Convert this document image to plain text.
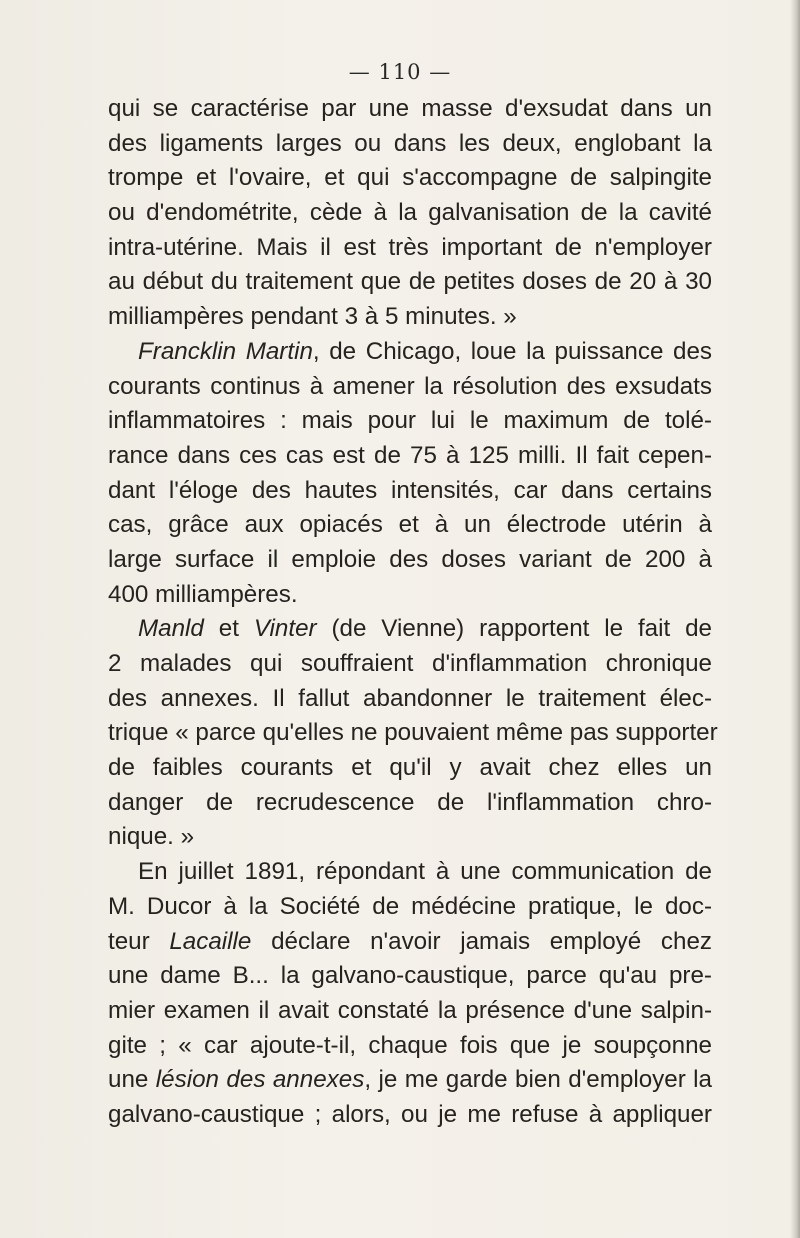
— 110 —
qui se caractérise par une masse d'exsudat dans un
des ligaments larges ou dans les deux, englobant la
trompe et l'ovaire, et qui s'accompagne de salpingite
ou d'endométrite, cède à la galvanisation de la cavité
intra-utérine. Mais il est très important de n'employer
au début du traitement que de petites doses de 20 à 30
milliampères pendant 3 à 5 minutes. »
Francklin Martin, de Chicago, loue la puissance des
courants continus à amener la résolution des exsudats
inflammatoires : mais pour lui le maximum de tolé-
rance dans ces cas est de 75 à 125 milli. Il fait cepen-
dant l'éloge des hautes intensités, car dans certains
cas, grâce aux opiacés et à un électrode utérin à
large surface il emploie des doses variant de 200 à
400 milliampères.
Manld et Vinter (de Vienne) rapportent le fait de
2 malades qui souffraient d'inflammation chronique
des annexes. Il fallut abandonner le traitement élec-
trique « parce qu'elles ne pouvaient même pas supporter
de faibles courants et qu'il y avait chez elles un
danger de recrudescence de l'inflammation chro-
nique. »
En juillet 1891, répondant à une communication de
M. Ducor à la Société de médécine pratique, le doc-
teur Lacaille déclare n'avoir jamais employé chez
une dame B... la galvano-caustique, parce qu'au pre-
mier examen il avait constaté la présence d'une salpin-
gite ; « car ajoute-t-il, chaque fois que je soupçonne
une lésion des annexes, je me garde bien d'employer la
galvano-caustique ; alors, ou je me refuse à appliquer
